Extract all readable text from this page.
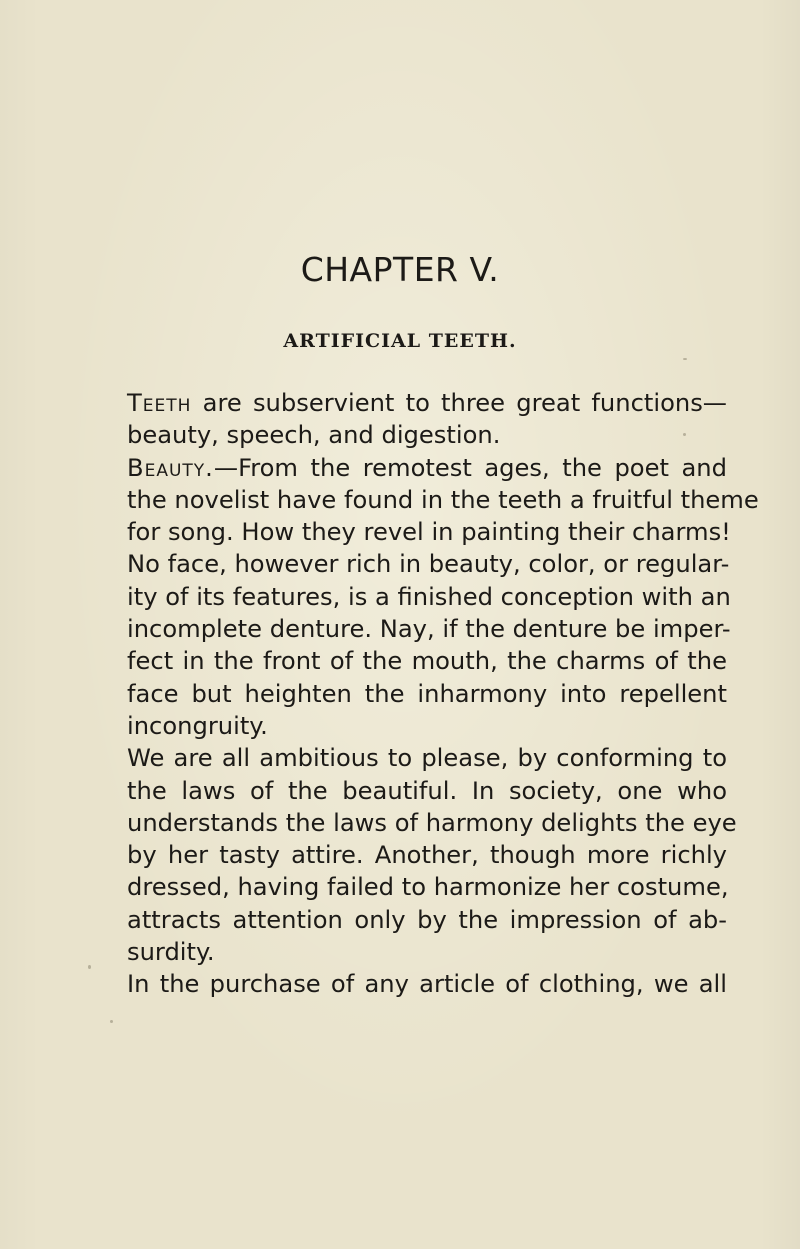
CHAPTER V.
ARTIFICIAL TEETH.

Teeth are subservient to three great functions—
beauty, speech, and digestion.

Beauty.—From the remotest ages, the poet and
the novelist have found in the teeth a fruitful theme
for song. How they revel in painting their charms!
No face, however rich in beauty, color, or regular-
ity of its features, is a finished conception with an
incomplete denture. Nay, if the denture be imper-
fect in the front of the mouth, the charms of the
face but heighten the inharmony into repellent
incongruity.

We are all ambitious to please, by conforming to
the laws of the beautiful. In society, one who
understands the laws of harmony delights the eye
by her tasty attire. Another, though more richly
dressed, having failed to harmonize her costume,
attracts attention only by the impression of ab-
surdity.

In the purchase of any article of clothing, we all
